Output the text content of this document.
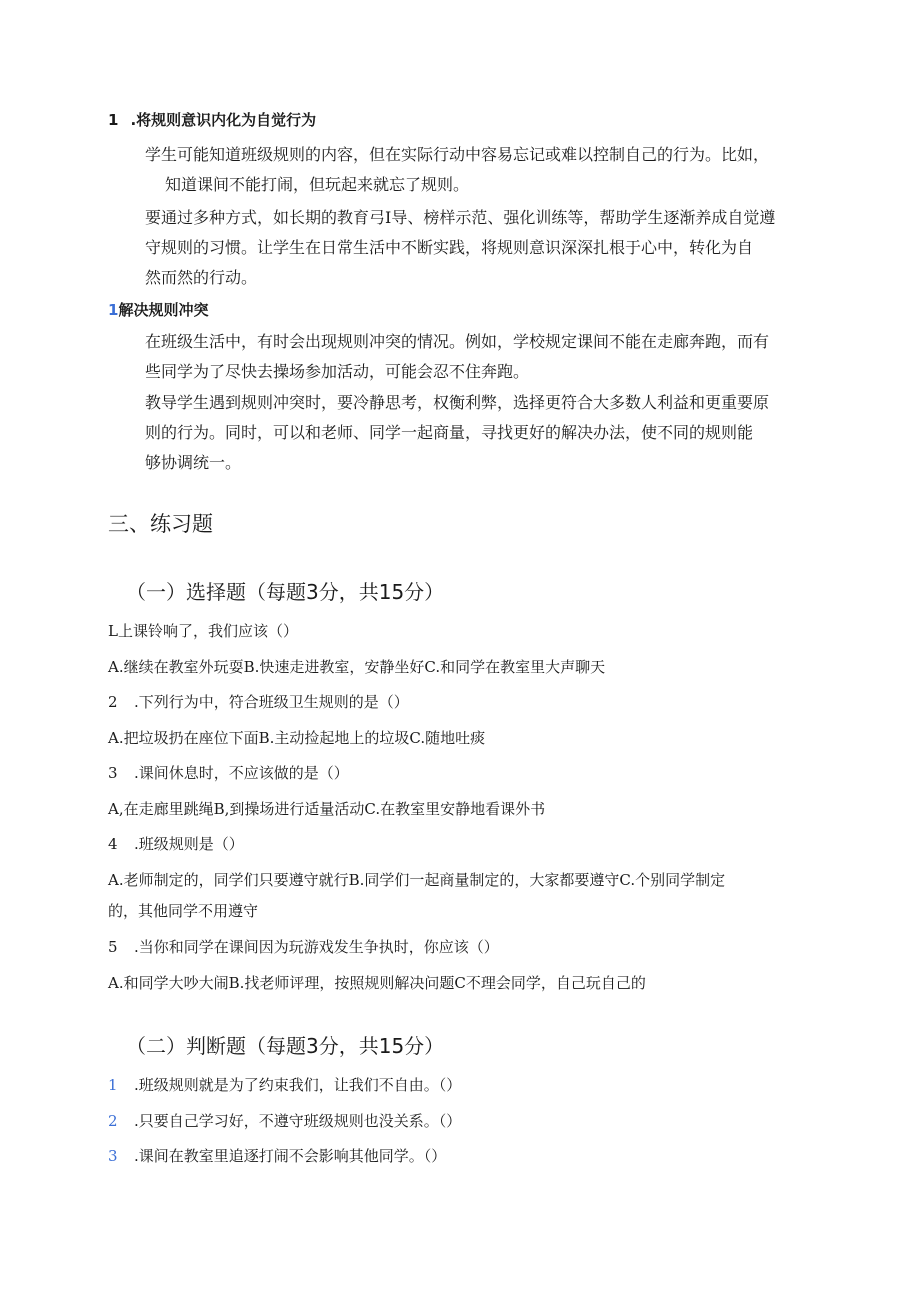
1 .将规则意识内化为自觉行为
学生可能知道班级规则的内容，但在实际行动中容易忘记或难以控制自己的行为。比如，
知道课间不能打闹，但玩起来就忘了规则。
要通过多种方式，如长期的教育弓I导、榜样示范、强化训练等，帮助学生逐渐养成自觉遵
守规则的习惯。让学生在日常生活中不断实践，将规则意识深深扎根于心中，转化为自
然而然的行动。
1解决规则冲突
在班级生活中，有时会出现规则冲突的情况。例如，学校规定课间不能在走廊奔跑，而有
些同学为了尽快去操场参加活动，可能会忍不住奔跑。
教导学生遇到规则冲突时，要冷静思考，权衡利弊，选择更符合大多数人利益和更重要原
则的行为。同时，可以和老师、同学一起商量，寻找更好的解决办法，使不同的规则能
够协调统一。
三、练习题
（一）选择题（每题3分，共15分）
L上课铃响了，我们应该（）
A.继续在教室外玩耍B.快速走进教室，安静坐好C.和同学在教室里大声聊天
2 .下列行为中，符合班级卫生规则的是（）
A.把垃圾扔在座位下面B.主动捡起地上的垃圾C.随地吐痰
3 .课间休息时，不应该做的是（）
A,在走廊里跳绳B,到操场进行适量活动C.在教室里安静地看课外书
4 .班级规则是（）
A.老师制定的，同学们只要遵守就行B.同学们一起商量制定的，大家都要遵守C.个别同学制定
的，其他同学不用遵守
5 .当你和同学在课间因为玩游戏发生争执时，你应该（）
A.和同学大吵大闹B.找老师评理，按照规则解决问题C不理会同学，自己玩自己的
（二）判断题（每题3分，共15分）
1 .班级规则就是为了约束我们，让我们不自由。（）
2 .只要自己学习好，不遵守班级规则也没关系。（）
3 .课间在教室里追逐打闹不会影响其他同学。（）
